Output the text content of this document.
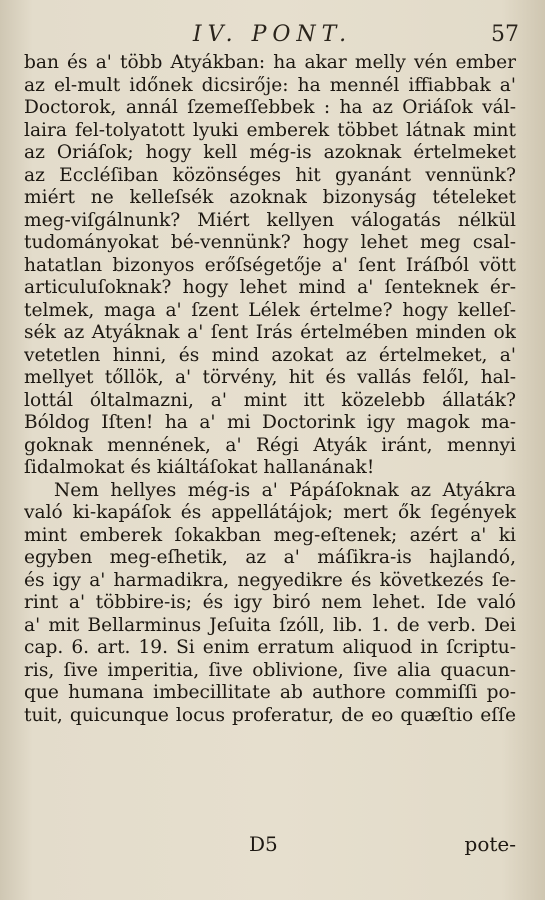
IV. PONT.	57
ban és a' több Atyákban: ha akar melly vén ember
az el-mult időnek dicsirője: ha mennél iffiabbak a'
Doctorok, annál ſzemeſſebbek : ha az Oriáſok vál-
laira fel-tolyatott lyuki emberek többet látnak mint
az Oriáſok; hogy kell még-is azoknak értelmeket
az Eccléſiban közönséges hit gyanánt vennünk?
miért ne kelleſsék azoknak bizonyság tételeket
meg-viſgálnunk? Miért kellyen válogatás nélkül
tudományokat bé-vennünk? hogy lehet meg csal-
hatatlan bizonyos erőſségetője a' ſent Iráſból vött
articuluſoknak? hogy lehet mind a' ſenteknek ér-
telmek, maga a' ſzent Lélek értelme? hogy kelleſ-
sék az Atyáknak a' ſent Irás értelmében minden ok
vetetlen hinni, és mind azokat az értelmeket, a'
mellyet tőllök, a' törvény, hit és vallás felől, hal-
lottál óltalmazni, a' mint itt közelebb állaták?
Bóldog Iſten! ha a' mi Doctorink igy magok ma-
goknak mennének, a' Régi Atyák iránt, mennyi
ſidalmokat és kiáltáſokat hallanának!
Nem hellyes még-is a' Pápáſoknak az Atyákra
való ki-kapáſok és appellátájok; mert ők ſegények
mint emberek ſokakban meg-eſtenek; azért a' ki
egyben meg-eſhetik, az a' máſikra-is hajlandó,
és igy a' harmadikra, negyedikre és következés ſe-
rint a' többire-is; és igy biró nem lehet. Ide való
a' mit Bellarminus Jeſuita ſzóll, lib. 1. de verb. Dei
cap. 6. art. 19. Si enim erratum aliquod in ſcriptu-
ris, ſive imperitia, ſive oblivione, ſive alia quacun-
que humana imbecillitate ab authore commiſſi po-
tuit, quicunque locus proferatur, de eo quæſtio eſſe
D5	pote-
